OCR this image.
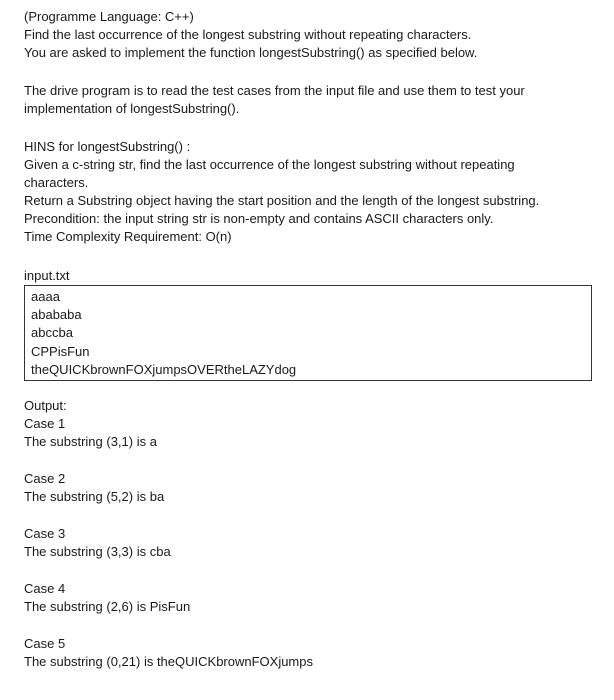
(Programme Language: C++)
Find the last occurrence of the longest substring without repeating characters.
You are asked to implement the function longestSubstring() as specified below.
The drive program is to read the test cases from the input file and use them to test your
implementation of longestSubstring().
HINS for longestSubstring() :
Given a c-string str, find the last occurrence of the longest substring without repeating
characters.
Return a Substring object having the start position and the length of the longest substring.
Precondition: the input string str is non-empty and contains ASCII characters only.
Time Complexity Requirement: O(n)
input.txt
aaaa
abababa
abccba
CPPisFun
theQUICKbrownFOXjumpsOVERtheLAZYdog
Output:
Case 1
The substring (3,1) is a
Case 2
The substring (5,2) is ba
Case 3
The substring (3,3) is cba
Case 4
The substring (2,6) is PisFun
Case 5
The substring (0,21) is theQUICKbrownFOXjumps
